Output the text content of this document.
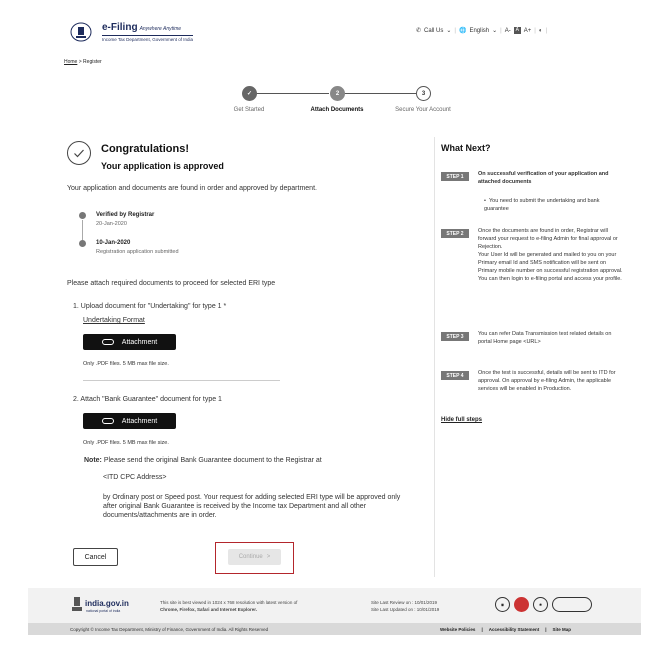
e-Filing Anywhere Anytime
Income Tax Department, Government of India
✆ Call Us ⌄ | 🌐 English ⌄ | A- A A+ | ◐ |
Home > Register
✓	2	3
Get Started	Attach Documents	Secure Your Account
Congratulations!
Your application is approved
Your application and documents are found in order and approved by department.
Verified by Registrar
20-Jan-2020
10-Jan-2020
Registration application submitted
Please attach required documents to proceed for selected ERI type
1. Upload document for "Undertaking" for type 1 *
Undertaking Format
Attachment
Only .PDF files. 5 MB max file size.
2. Attach "Bank Guarantee" document for type 1
Attachment
Only .PDF files. 5 MB max file size.
Note: Please send the original Bank Guarantee document to the Registrar at
<ITD CPC Address>
by Ordinary post or Speed post. Your request for adding selected ERI type will be approved only after original Bank Guarantee is received by the Income tax Department and all other documents/attachments are in order.
Cancel	Continue >
What Next?
STEP 1	On successful verification of your application and attached documents
•  You need to submit the undertaking and bank guarantee
STEP 2	Once the documents are found in order, Registrar will forward your request to e-filing Admin for final approval or Rejection.
Your User Id will be generated and mailed to you on your Primary email Id and SMS notification will be sent on Primary mobile number on successful registration approval.
You can then login to e-filing portal and access your profile.
STEP 3	You can refer Data Transmission test related details on portal Home page <URL>
STEP 4	Once the test is successful, details will be sent to ITD for approval. On approval by e-filing Admin, the applicable services will be enabled in Production.
Hide full steps
india.gov.in
national portal of india
This site is best viewed in 1024 x 768 resolution with latest version of
Chrome, Firefox, Safari and Internet Explorer.
Site Last Review on : 10/01/2019
Site Last Updated on : 10/01/2019
◉	❀
Copyright © Income Tax Department, Ministry of Finance, Government of India. All Rights Reserved	Website Policies | Accessibility Statement | Site Map
